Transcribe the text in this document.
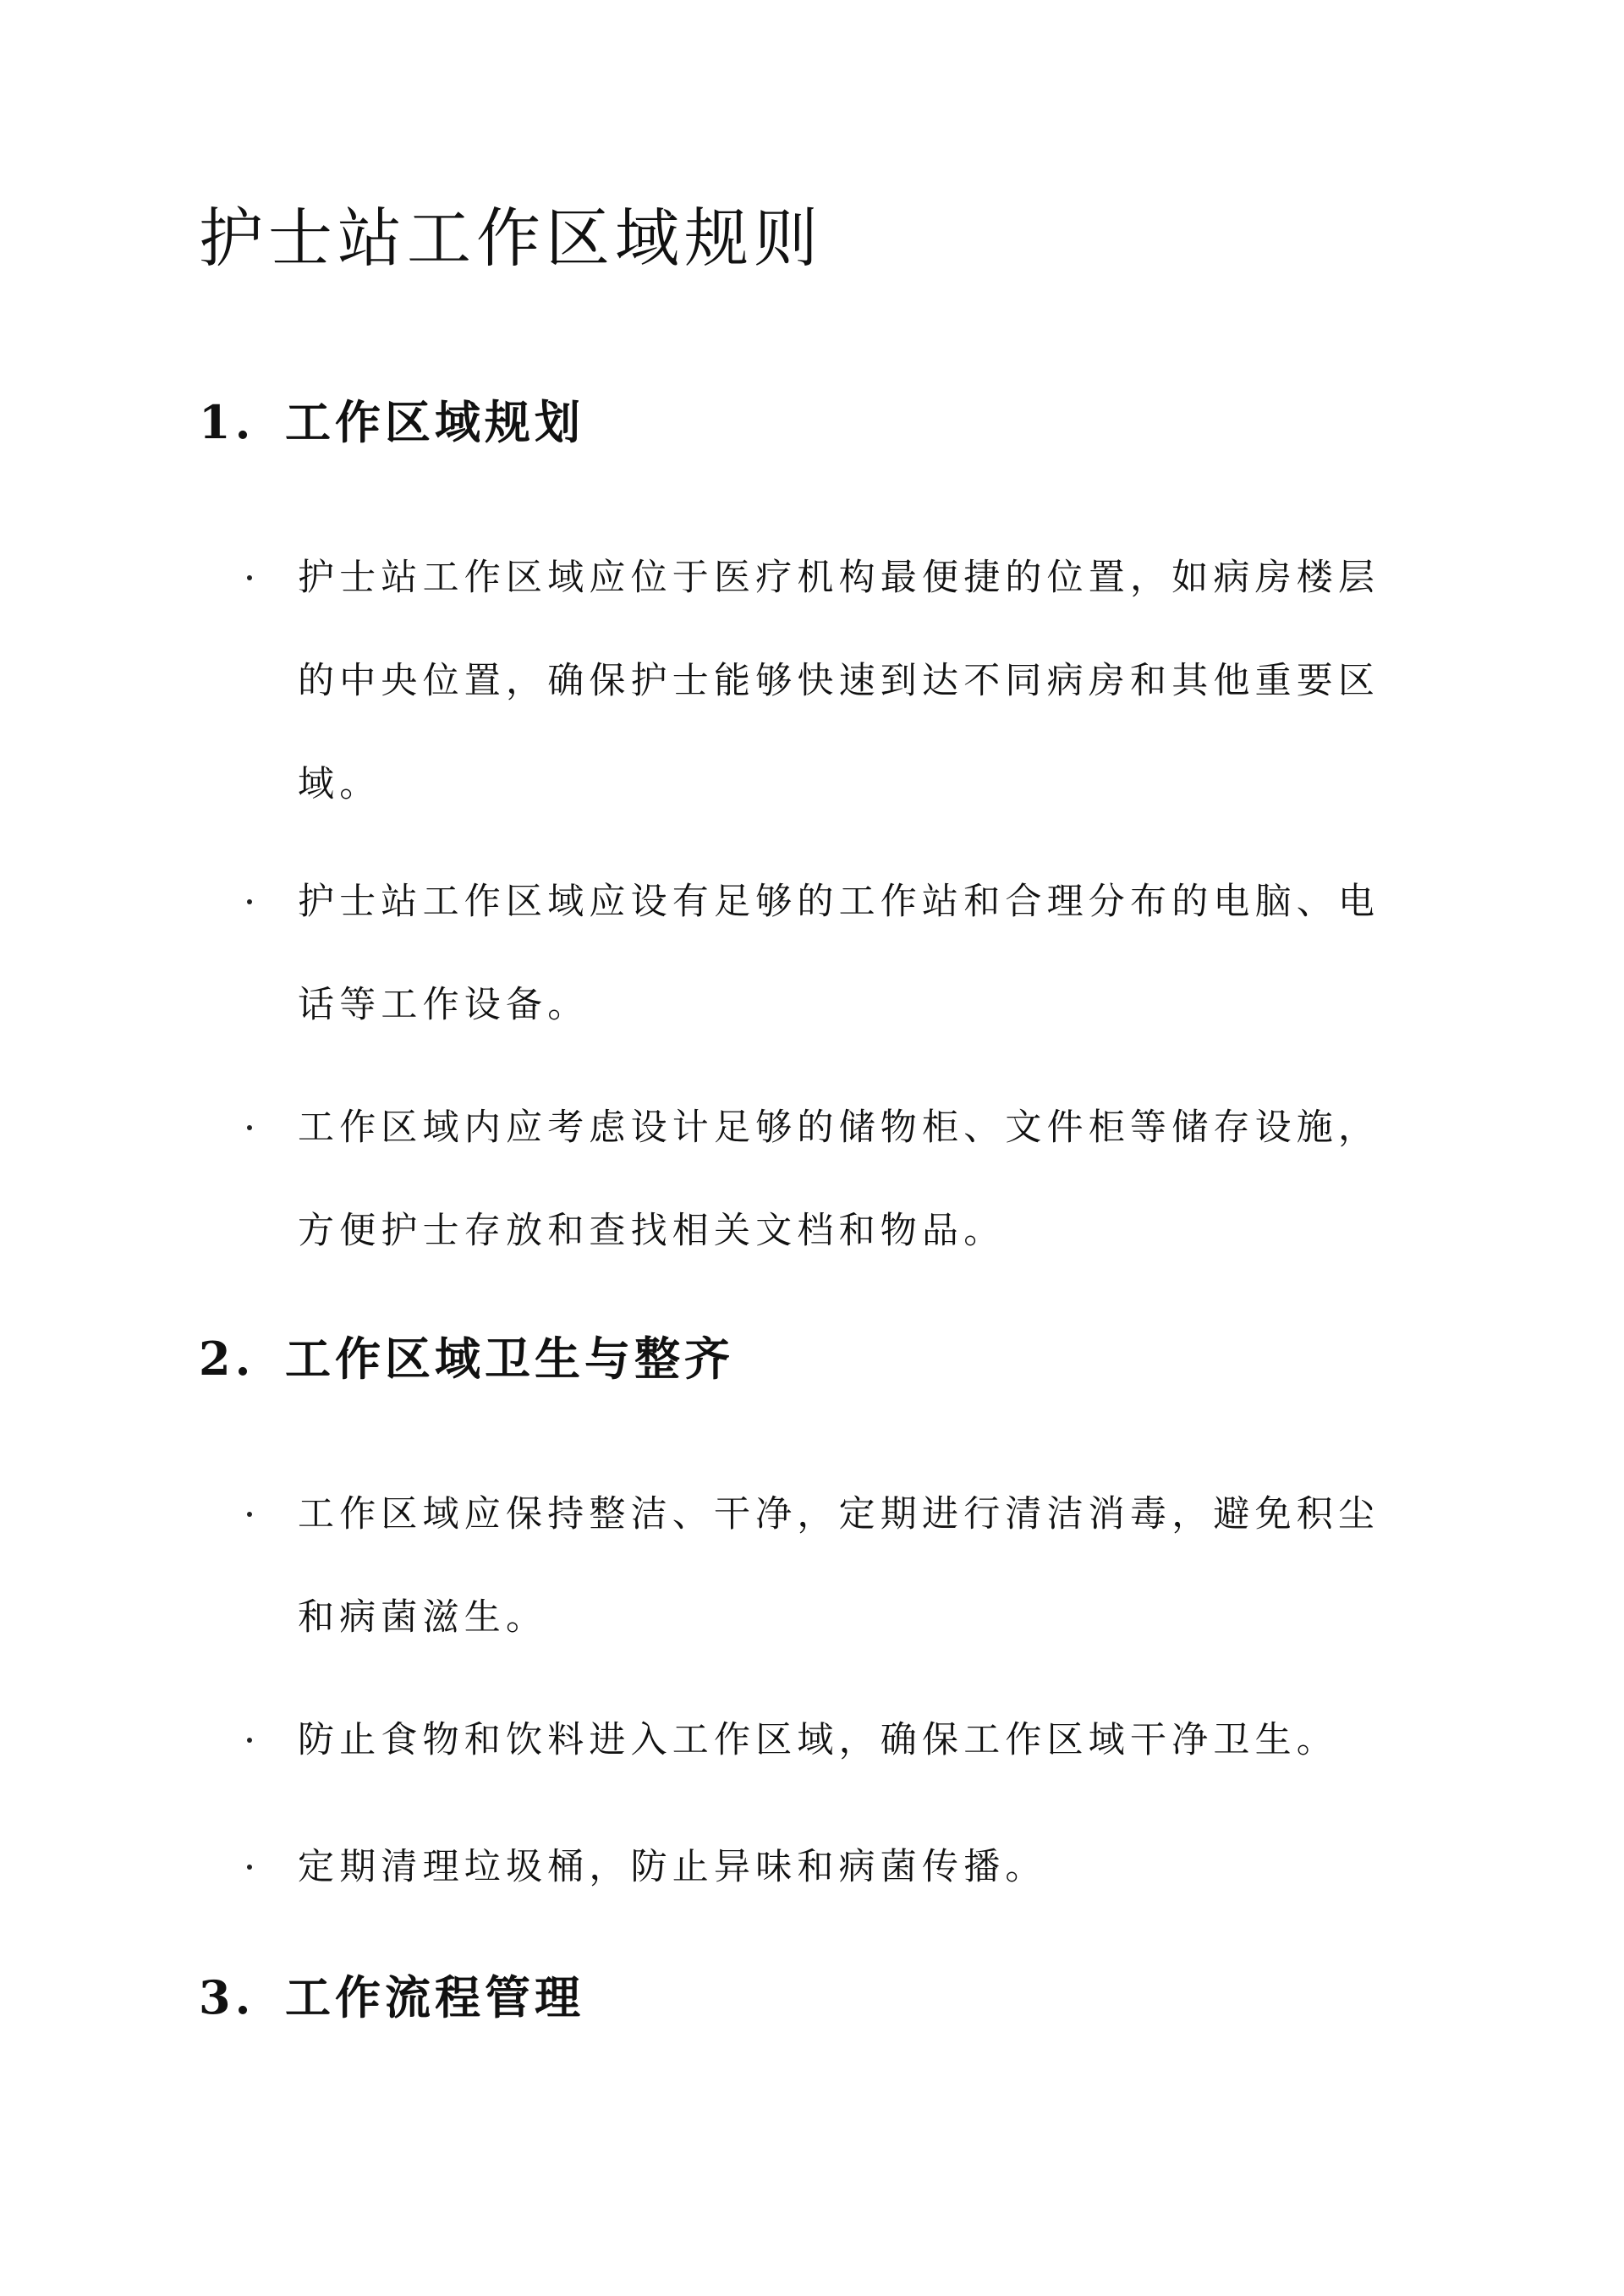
护士站工作区域规则
1. 工作区域规划

护士站工作区域应位于医疗机构最便捷的位置，如病房楼层
的中央位置，确保护士能够快速到达不同病房和其他重要区
域。

护士站工作区域应设有足够的工作站和合理分布的电脑、电
话等工作设备。

工作区域内应考虑设计足够的储物柜、文件柜等储存设施，
方便护士存放和查找相关文档和物品。

2. 工作区域卫生与整齐

工作区域应保持整洁、干净，定期进行清洁消毒，避免积尘
和病菌滋生。

防止食物和饮料进入工作区域，确保工作区域干净卫生。

定期清理垃圾桶，防止异味和病菌传播。

3. 工作流程管理
